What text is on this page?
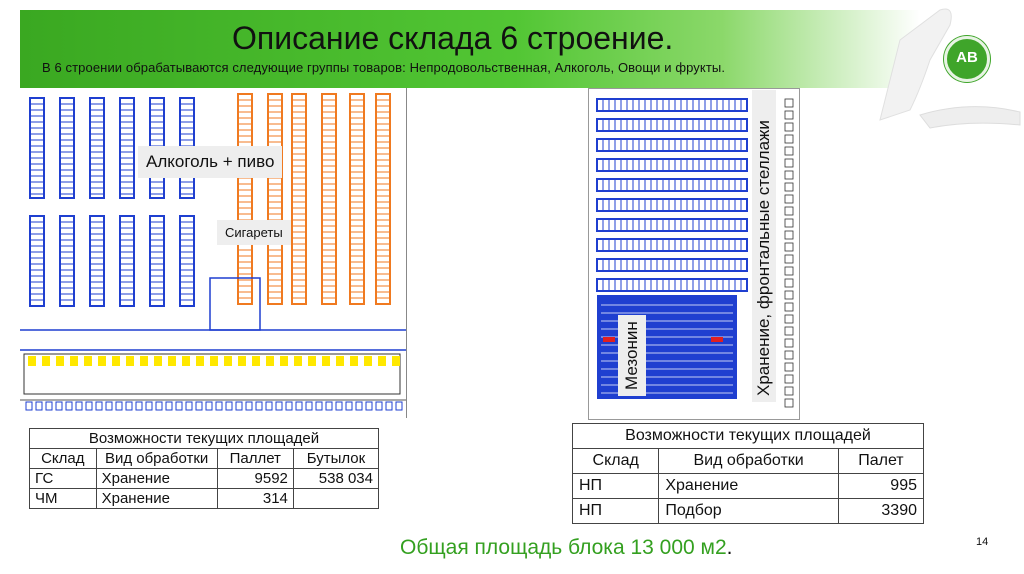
Описание склада 6 строение.
В 6 строении обрабатываются следующие группы товаров: Непродовольственная, Алкоголь, Овощи и фрукты.
АВ
Алкоголь + пиво
Сигареты	Хранение, фронтальные стеллажи
Мезонин
Возможности текущих площадей			
Склад	Вид обработки	Паллет	Бутылок
ГС	Хранение	9592	538 034
ЧМ	Хранение	314	
Возможности текущих площадей		
Склад	Вид обработки	Палет
НП	Хранение	995
НП	Подбор	3390
Общая площадь блока 13 000 м2.	14
